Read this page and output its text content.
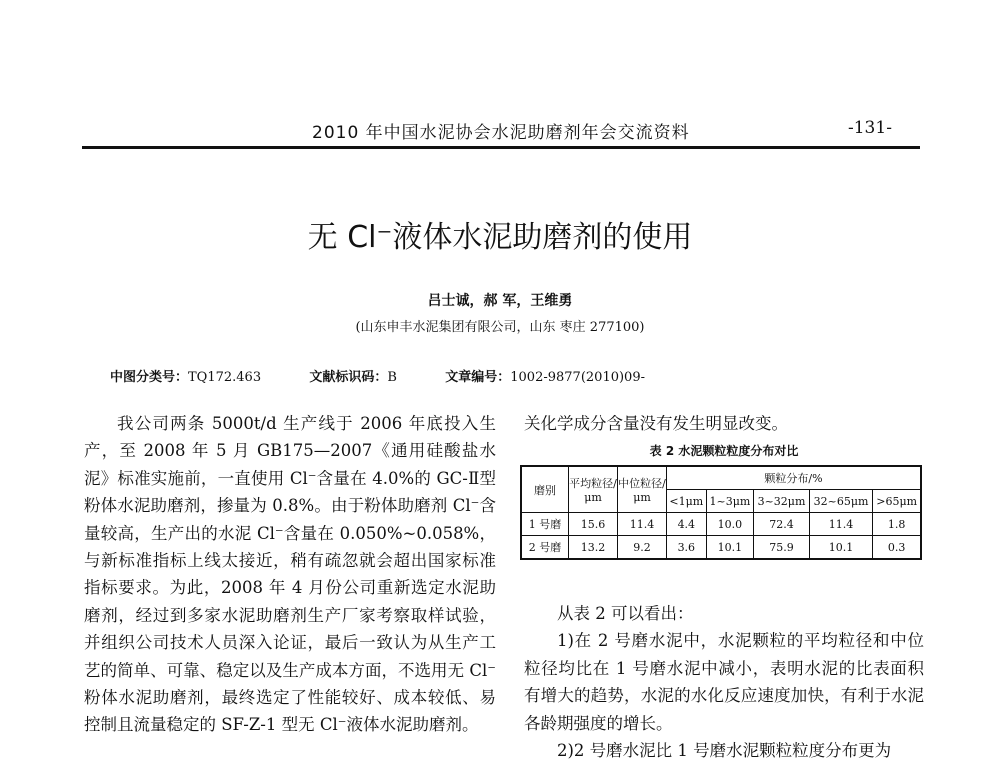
2010 年中国水泥协会水泥助磨剂年会交流资料	-131-
无 Cl⁻液体水泥助磨剂的使用
吕士诚，郝 军，王维勇
(山东申丰水泥集团有限公司，山东 枣庄 277100)
中图分类号：TQ172.463	文献标识码：B	文章编号：1002-9877(2010)09-

我公司两条 5000t/d 生产线于 2006 年底投入生产，至 2008 年 5 月 GB175—2007《通用硅酸盐水泥》标准实施前，一直使用 Cl⁻含量在 4.0%的 GC-Ⅱ型粉体水泥助磨剂，掺量为 0.8%。由于粉体助磨剂 Cl⁻含量较高，生产出的水泥 Cl⁻含量在 0.050%~0.058%，与新标准指标上线太接近，稍有疏忽就会超出国家标准指标要求。为此，2008 年 4 月份公司重新选定水泥助磨剂，经过到多家水泥助磨剂生产厂家考察取样试验，并组织公司技术人员深入论证，最后一致认为从生产工艺的简单、可靠、稳定以及生产成本方面，不选用无 Cl⁻粉体水泥助磨剂，最终选定了性能较好、成本较低、易控制且流量稳定的 SF-Z-1 型无 Cl⁻液体水泥助磨剂。

关化学成分含量没有发生明显改变。

表 2 水泥颗粒粒度分布对比
磨别	平均粒径/μm	中位粒径/μm	颗粒分布/%				
			<1μm	1~3μm	3~32μm	32~65μm	>65μm
1 号磨	15.6	11.4	4.4	10.0	72.4	11.4	1.8
2 号磨	13.2	9.2	3.6	10.1	75.9	10.1	0.3

从表 2 可以看出：

1)在 2 号磨水泥中，水泥颗粒的平均粒径和中位粒径均比在 1 号磨水泥中减小，表明水泥的比表面积有增大的趋势，水泥的水化反应速度加快，有利于水泥各龄期强度的增长。

2)2 号磨水泥比 1 号磨水泥颗粒粒度分布更为
